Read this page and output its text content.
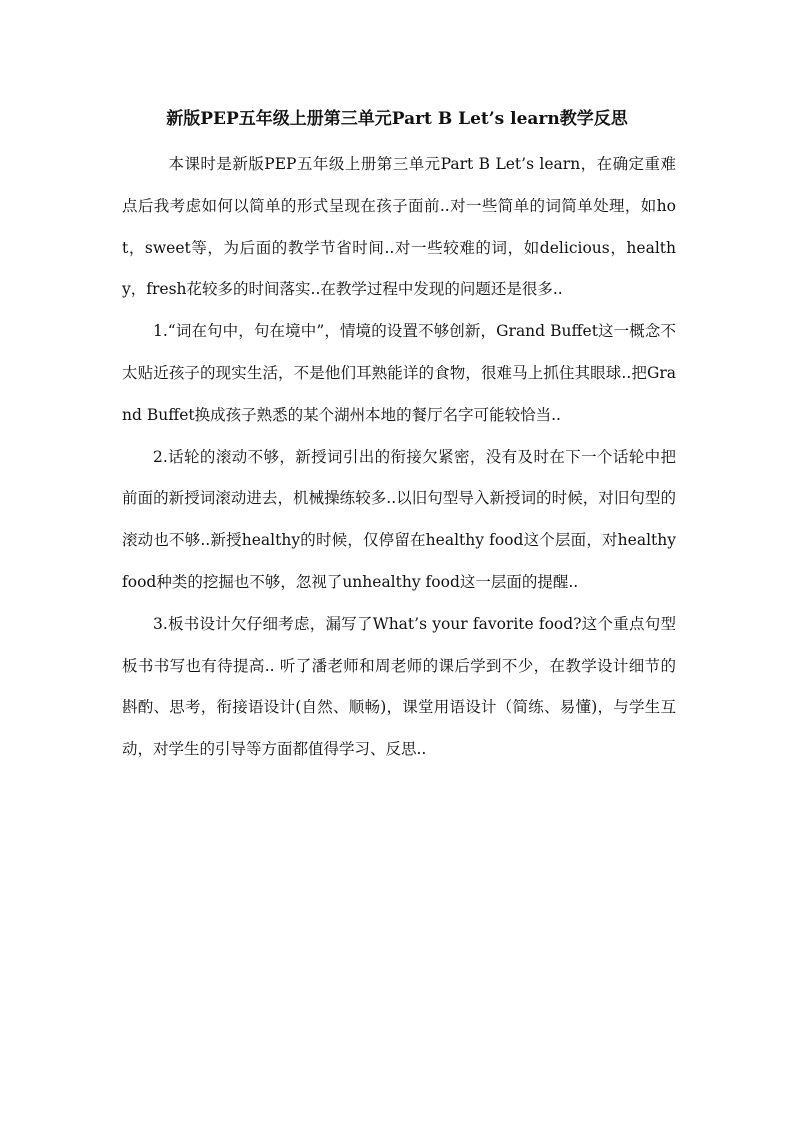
新版PEP五年级上册第三单元Part B Let’s learn教学反思

本课时是新版PEP五年级上册第三单元Part B Let’s learn，在确定重难点后我考虑如何以简单的形式呈现在孩子面前..对一些简单的词简单处理，如hot，sweet等，为后面的教学节省时间..对一些较难的词，如delicious，healthy，fresh花较多的时间落实..在教学过程中发现的问题还是很多..

1.“词在句中，句在境中”，情境的设置不够创新，Grand Buffet这一概念不太贴近孩子的现实生活，不是他们耳熟能详的食物，很难马上抓住其眼球..把Grand Buffet换成孩子熟悉的某个湖州本地的餐厅名字可能较恰当..

2.话轮的滚动不够，新授词引出的衔接欠紧密，没有及时在下一个话轮中把前面的新授词滚动进去，机械操练较多..以旧句型导入新授词的时候，对旧句型的滚动也不够..新授healthy的时候，仅停留在healthy food这个层面，对healthy food种类的挖掘也不够，忽视了unhealthy food这一层面的提醒..

3.板书设计欠仔细考虑，漏写了What’s your favorite food?这个重点句型板书书写也有待提高.. 听了潘老师和周老师的课后学到不少，在教学设计细节的斟酌、思考，衔接语设计(自然、顺畅)，课堂用语设计（简练、易懂)，与学生互动，对学生的引导等方面都值得学习、反思..
